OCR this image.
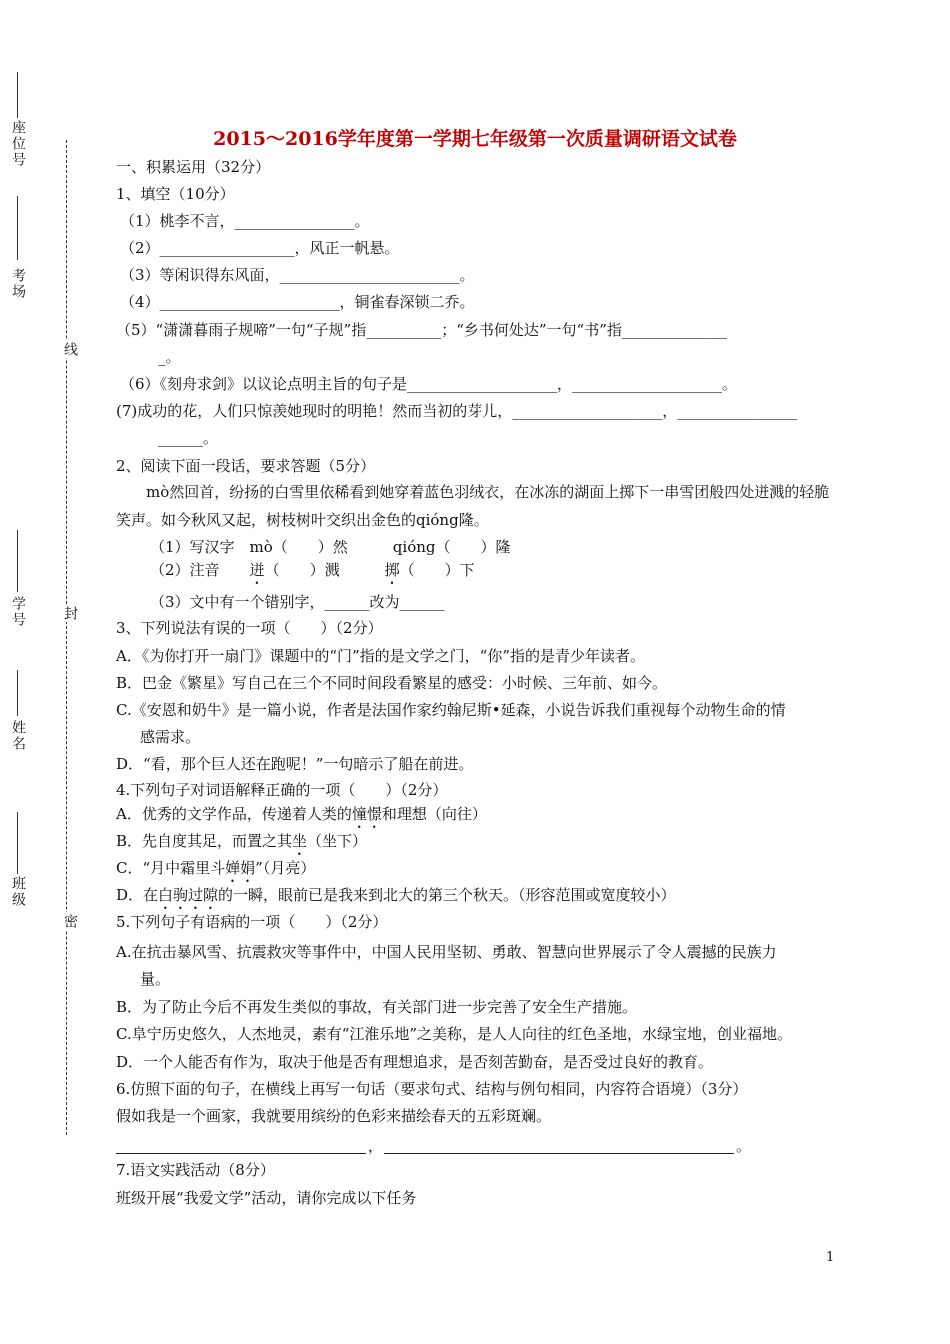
座位号
考场
学号
姓名
班级
线
封
密
2015～2016学年度第一学期七年级第一次质量调研语文试卷
一、积累运用（32分）
1、填空（10分）
（1）桃李不言，________________。
（2）__________________，风正一帆悬。
（3）等闲识得东风面，________________________。
（4）________________________，铜雀春深锁二乔。
（5）“潇潇暮雨子规啼”一句“子规”指__________；“乡书何处达”一句“书”指______________
_。
（6）《刻舟求剑》以议论点明主旨的句子是____________________，____________________。
(7)成功的花，人们只惊羡她现时的明艳！然而当初的芽儿，____________________，________________
______。
2、阅读下面一段话，要求答题（5分）
mò然回首，纷扬的白雪里依稀看到她穿着蓝色羽绒衣，在冰冻的湖面上掷下一串雪团般四处迸溅的轻脆笑声。如今秋风又起，树枝树叶交织出金色的qióng隆。
（1）写汉字　mò（　　）然　　　qióng（　　）隆
（2）注音　　迸（　　）溅　　　掷（　　）下
（3）文中有一个错别字，______改为______
3、下列说法有误的一项（　　）（2分）
A．《为你打开一扇门》课题中的“门”指的是文学之门，“你”指的是青少年读者。
B．巴金《繁星》写自己在三个不同时间段看繁星的感受：小时候、三年前、如今。
C.《安恩和奶牛》是一篇小说，作者是法国作家约翰尼斯•延森，小说告诉我们重视每个动物生命的情
感需求。
D．“看，那个巨人还在跑呢！”一句暗示了船在前进。
4.下列句子对词语解释正确的一项（　　）（2分）
A．优秀的文学作品，传递着人类的憧憬和理想（向往）
B．先自度其足，而置之其坐（坐下）
C．“月中霜里斗婵娟”（月亮）
D．在白驹过隙的一瞬，眼前已是我来到北大的第三个秋天。（形容范围或宽度较小）
5.下列句子有语病的一项（　　）（2分）
A.在抗击暴风雪、抗震救灾等事件中，中国人民用坚韧、勇敢、智慧向世界展示了令人震撼的民族力
量。
B．为了防止今后不再发生类似的事故，有关部门进一步完善了安全生产措施。
C.阜宁历史悠久，人杰地灵，素有“江淮乐地”之美称，是人人向往的红色圣地，水绿宝地，创业福地。
D．一个人能否有作为，取决于他是否有理想追求，是否刻苦勤奋，是否受过良好的教育。
6.仿照下面的句子，在横线上再写一句话（要求句式、结构与例句相同，内容符合语境）（3分）
假如我是一个画家，我就要用缤纷的色彩来描绘春天的五彩斑斓。
，	。
7.语文实践活动（8分）
班级开展“我爱文学”活动，请你完成以下任务
1
